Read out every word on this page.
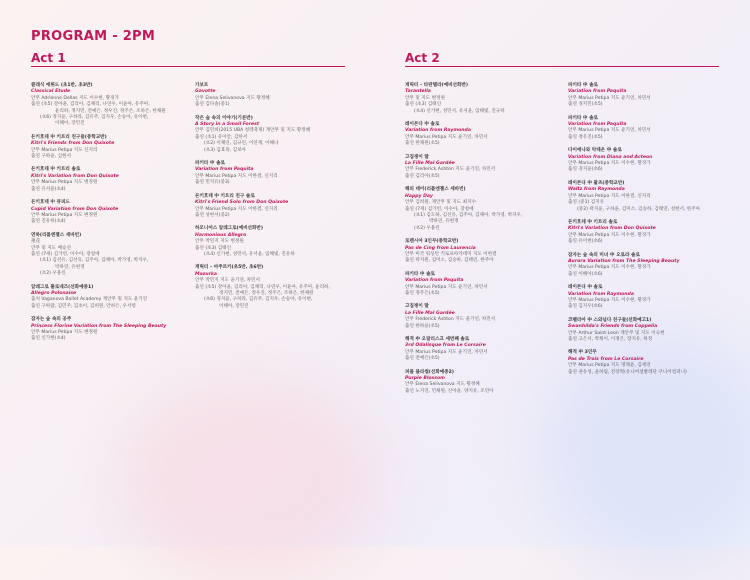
PROGRAM - 2PM
Act 1	Act 2
클래식 에튀드 (초1반, 초3반)
Classical Etude
안무 Adrienne Dellas 지도 이수현, 황경가
출연 (초5) 강아윤, 김리아, 김채리, 나연우, 이윤아, 유주아,
윤리하, 정지민, 전예은, 정우진, 정주은, 조하은, 한채원
(초6) 경지윤, 구하라, 김유주, 김지우, 손승아, 유이현,
이해아, 장민진
돈키호테 中 키트리 친구들(중학교반)
Kitri's Friends from Don Quixote
안무 Marius Petipa 지도 신지리
출연 구하윤, 심현서
돈키호테 中 키트리 솔로
Kitri's Variation from Don Quixote
안무 Marius Petipa 지도 변정원
출연 유서윤(초4)
돈키호테 中 큐피드
Cupid Variation from Don Quixote
안무 Marius Petipa 지도 변정원
출연 진유하(초4)
연하(리틀엔젤스 세바빈)
蓮花
안무 및 지도 배승연
출연 (7세) 김가빈, 이수아, 장설애
(초1) 김선유, 김선유, 김주아, 김채아, 박가영, 박지우,
박하연, 유현정
(초2) 우용린
알레그로 폴로네즈(선화예중1)
Allegro Polonaise
출처 Vaganova Ballet Academy 재안무 및 지도 윤기연
출연 구하람, 김민주, 김초이, 김희원, 안하은, 우서령
잠자는 숲 속의 공주
Princess Florine Variation from The Sleeping Beauty
안무 Marius Petipa 지도 변정원
출연 신가현(초4)
가보트
Gavotte
안무 Elena Selivanova 지도 황정혜
출연 김다솔(중1)
작은 숲 속의 이야기(기본반)
A Story in a Small Forest
안무 김민희(2015 UBA 청레축제) 재안무 및 지도 황정혜
출연 (초1) 유이안, 김한서
(초2) 이채연, 김규린, 이연재, 이해나
(초3) 김효목, 김보아
파키타 中 솔로
Variation from Paquita
안무 Marius Petipa 지도 이한결, 신지리
출연 민지유(중3)
돈키호테 中 키트리 친구 솔로
Kitri's Friend Solo from Don Quixote
안무 Marius Petipa 지도 이한결, 신지리
출연 성현서(중2)
하모니어스 알레그로(예비선화반)
Harmonious Allegro
안무 박민지 지도 변정원
출연 (초3) 김태인
(초4) 신가현, 성민서, 유서윤, 임해빛, 진유하
게릭터 – 마주르카(초5반, 초6반)
Mazurka
안무 박민지 지도 윤기연, 차민서
출연 (초5) 강아윤, 김리아, 김채리, 나연우, 이윤아, 유주아, 윤리하,
정지민, 전예은, 정우진, 정주은, 조하은, 한채원
(초6) 경지윤, 구하라, 김유주, 김지우, 손승아, 유이현,
이해아, 장민진
게릭터 – 타란텔라(예비선화반)
Tarantella
안무 및 지도 변정원
출연 (초3) 김태인
(초4) 신가현, 성민서, 유서윤, 임해빛, 진규하
레이몬다 中 솔로
Variation from Raymonda
안무 Marius Petipa 지도 윤기연, 차민서
출연 한채원(초5)
고집쟁이 딸
La Fille Mal Gardée
안무 Frederick Ashton 지도 윤기연, 차민서
출연 김리아(초5)
해피 데이(리틀엔젤스 세바빈)
Happy Day
안무 김희원, 재안무 및 지도 최지수
출연 (7세) 김가빈, 이수아, 장설애
(초1) 김도하, 김선유, 김주아, 김채아, 박가영, 박지우,
박하연, 유현정
(초2) 우용린
로렌시아 3인무(중학교반)
Pas de Cing from Laurencia
안무 미국 워싱턴 키로프아카데미 지도 이한결
출연 곽지원, 김미소, 김승하, 김태연, 한주아
파키타 中 솔로
Variation from Paquita
안무 Marius Petipa 지도 윤기연, 차민서
출연 정주은(초5)
고집쟁이 딸
La Fille Mal Gardée
안무 Frederick Ashton 지도 윤기연, 차민서
출연 한하윤(초5)
해적 中 오달리스크 세번째 솔로
3rd Odalisque from Le Corsaire
안무 Marius Petipa 지도 윤기연, 차민서
출연 전예은(초5)
퍼플 블라썸(선화예중2)
Purple Blossom
안무 Elena Selivanova 지도 황정혜
출연 노지연, 민채원, 신아윤, 양지유, 조민아
파키타 中 솔로
Variation from Paquita
안무 Marius Petipa 지도 윤기연, 차민서
출연 경지민(초5)
파키타 中 솔로
Variation from Paquita
안무 Marius Petipa 지도 윤기연, 차민서
출연 정유진(초5)
다이애나와 악테온 中 솔로
Variation from Diana and Acteon
안무 Marius Petipa 지도 이수현, 황경가
출연 경지윤(초6)
레이몬다 中 왈츠(중학교반)
Waltz from Raymonda
안무 Marius Petipa 지도 이한결, 신지리
출연 (중1) 김지유
(중2) 곽지윤, 구하윤, 김미소, 김승하, 김태연, 성현서, 한주아
돈키호테 中 키트리 솔로
Kitri's Variation from Don Quixote
안무 Marius Petipa 지도 이수현, 황경가
출연 유이현(초6)
잠자는 숲 속의 미녀 中 오로라 솔로
Aurora Variation from The Sleeping Beauty
안무 Marius Petipa 지도 이수현, 황경가
출연 이해아(초6)
레이몬다 中 솔로
Variation from Raymonda
안무 Marius Petipa 지도 이수현, 황경가
출연 김지우(초6)
코펠리아 中 스와닐다 친구들(선화예고1)
Swanhilda's Friends from Coppelia
안무 Arthur Saint-Leon 재안무 및 지도 이숙현
출연 고은서, 박채이, 이정은, 장지유, 허정
해적 中 3인무
Pas de Trois from Le Corsaire
안무 Marius Petipa 지도 명채윤, 김세연
출연 권유성, 윤하림, 전강혁(유니버셜발레단 쿠니어컴퍼니)
